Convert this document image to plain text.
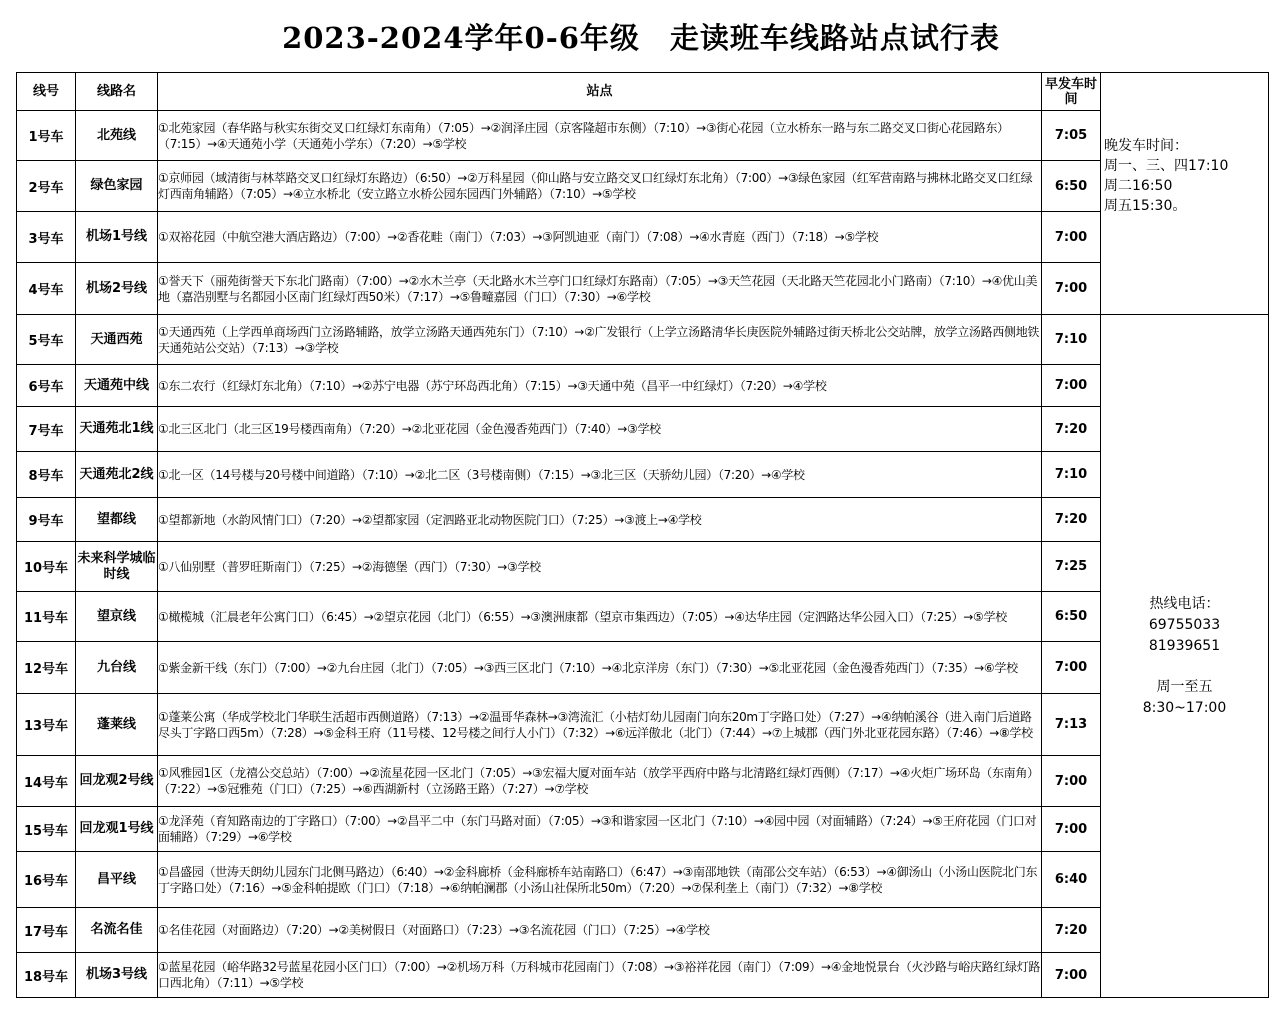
2023-2024学年0-6年级　走读班车线路站点试行表
线号	线路名	站点	早发车时间	晚发车时间：
周一、三、四17:10
周二16:50
周五15:30。

1号车	北苑线	①北苑家园（春华路与秋实东街交叉口红绿灯东南角）（7:05）→②润泽庄园（京客隆超市东侧）（7:10）→③街心花园（立水桥东一路与东二路交叉口街心花园路东）（7:15）→④天通苑小学（天通苑小学东）（7:20）→⑤学校	7:05	
2号车	绿色家园	①京师园（域清街与林萃路交叉口红绿灯东路边）（6:50）→②万科星园（仰山路与安立路交叉口红绿灯东北角）（7:00）→③绿色家园（红军营南路与拂林北路交叉口红绿灯西南角辅路）（7:05）→④立水桥北（安立路立水桥公园东园西门外辅路）（7:10）→⑤学校	6:50	
3号车	机场1号线	①双裕花园（中航空港大酒店路边）（7:00）→②香花畦（南门）（7:03）→③阿凯迪亚（南门）（7:08）→④水青庭（西门）（7:18）→⑤学校	7:00	
4号车	机场2号线	①誉天下（丽苑街誉天下东北门路南）（7:00）→②水木兰亭（天北路水木兰亭门口红绿灯东路南）（7:05）→③天竺花园（天北路天竺花园北小门路南）（7:10）→④优山美地（嘉浩别墅与名都园小区南门红绿灯西50米）（7:17）→⑤鲁疃嘉园（门口）（7:30）→⑥学校	7:00	
5号车	天通西苑	①天通西苑（上学西单商场西门立汤路辅路，放学立汤路天通西苑东门）（7:10）→②广发银行（上学立汤路清华长庚医院外辅路过街天桥北公交站牌，放学立汤路西侧地铁天通苑站公交站）（7:13）→③学校	7:10	热线电话：
69755033
81939651
周一至五
8:30~17:00

6号车	天通苑中线	①东二农行（红绿灯东北角）（7:10）→②苏宁电器（苏宁环岛西北角）（7:15）→③天通中苑（昌平一中红绿灯）（7:20）→④学校	7:00	
7号车	天通苑北1线	①北三区北门（北三区19号楼西南角）（7:20）→②北亚花园（金色漫香苑西门）（7:40）→③学校	7:20	
8号车	天通苑北2线	①北一区（14号楼与20号楼中间道路）（7:10）→②北二区（3号楼南侧）（7:15）→③北三区（天骄幼儿园）（7:20）→④学校	7:10	
9号车	望都线	①望都新地（水韵风情门口）（7:20）→②望都家园（定泗路亚北动物医院门口）（7:25）→③渡上→④学校	7:20	
10号车	未来科学城临时线	①八仙别墅（普罗旺斯南门）（7:25）→②海德堡（西门）（7:30）→③学校	7:25	
11号车	望京线	①橄榄城（汇晨老年公寓门口）（6:45）→②望京花园（北门）（6:55）→③澳洲康都（望京市集西边）（7:05）→④达华庄园（定泗路达华公园入口）（7:25）→⑤学校	6:50	
12号车	九台线	①紫金新干线（东门）（7:00）→②九台庄园（北门）（7:05）→③西三区北门（7:10）→④北京洋房（东门）（7:30）→⑤北亚花园（金色漫香苑西门）（7:35）→⑥学校	7:00	
13号车	蓬莱线	①蓬莱公寓（华成学校北门华联生活超市西侧道路）（7:13）→②温哥华森林→③湾流汇（小桔灯幼儿园南门向东20m丁字路口处）（7:27）→④纳帕溪谷（进入南门后道路尽头丁字路口西5m）（7:28）→⑤金科王府（11号楼、12号楼之间行人小门）（7:32）→⑥远洋傲北（北门）（7:44）→⑦上城郡（西门外北亚花园东路）（7:46）→⑧学校	7:13	
14号车	回龙观2号线	①风雅园1区（龙禧公交总站）（7:00）→②流星花园一区北门（7:05）→③宏福大厦对面车站（放学平西府中路与北清路红绿灯西侧）（7:17）→④火炬广场环岛（东南角）（7:22）→⑤冠雅苑（门口）（7:25）→⑥西湖新村（立汤路王路）（7:27）→⑦学校	7:00	
15号车	回龙观1号线	①龙泽苑（育知路南边的丁字路口）（7:00）→②昌平二中（东门马路对面）（7:05）→③和谐家园一区北门（7:10）→④园中园（对面辅路）（7:24）→⑤王府花园（门口对面辅路）（7:29）→⑥学校	7:00	
16号车	昌平线	①昌盛园（世涛天朗幼儿园东门北侧马路边）（6:40）→②金科廊桥（金科廊桥车站南路口）（6:47）→③南邵地铁（南邵公交车站）（6:53）→④御汤山（小汤山医院北门东丁字路口处）（7:16）→⑤金科帕提欧（门口）（7:18）→⑥纳帕澜郡（小汤山社保所北50m）（7:20）→⑦保利垄上（南门）（7:32）→⑧学校	6:40	
17号车	名流名佳	①名佳花园（对面路边）（7:20）→②美树假日（对面路口）（7:23）→③名流花园（门口）（7:25）→④学校	7:20	
18号车	机场3号线	①蓝星花园（峪华路32号蓝星花园小区门口）（7:00）→②机场万科（万科城市花园南门）（7:08）→③裕祥花园（南门）（7:09）→④金地悦景台（火沙路与峪庆路红绿灯路口西北角）（7:11）→⑤学校	7:00	
